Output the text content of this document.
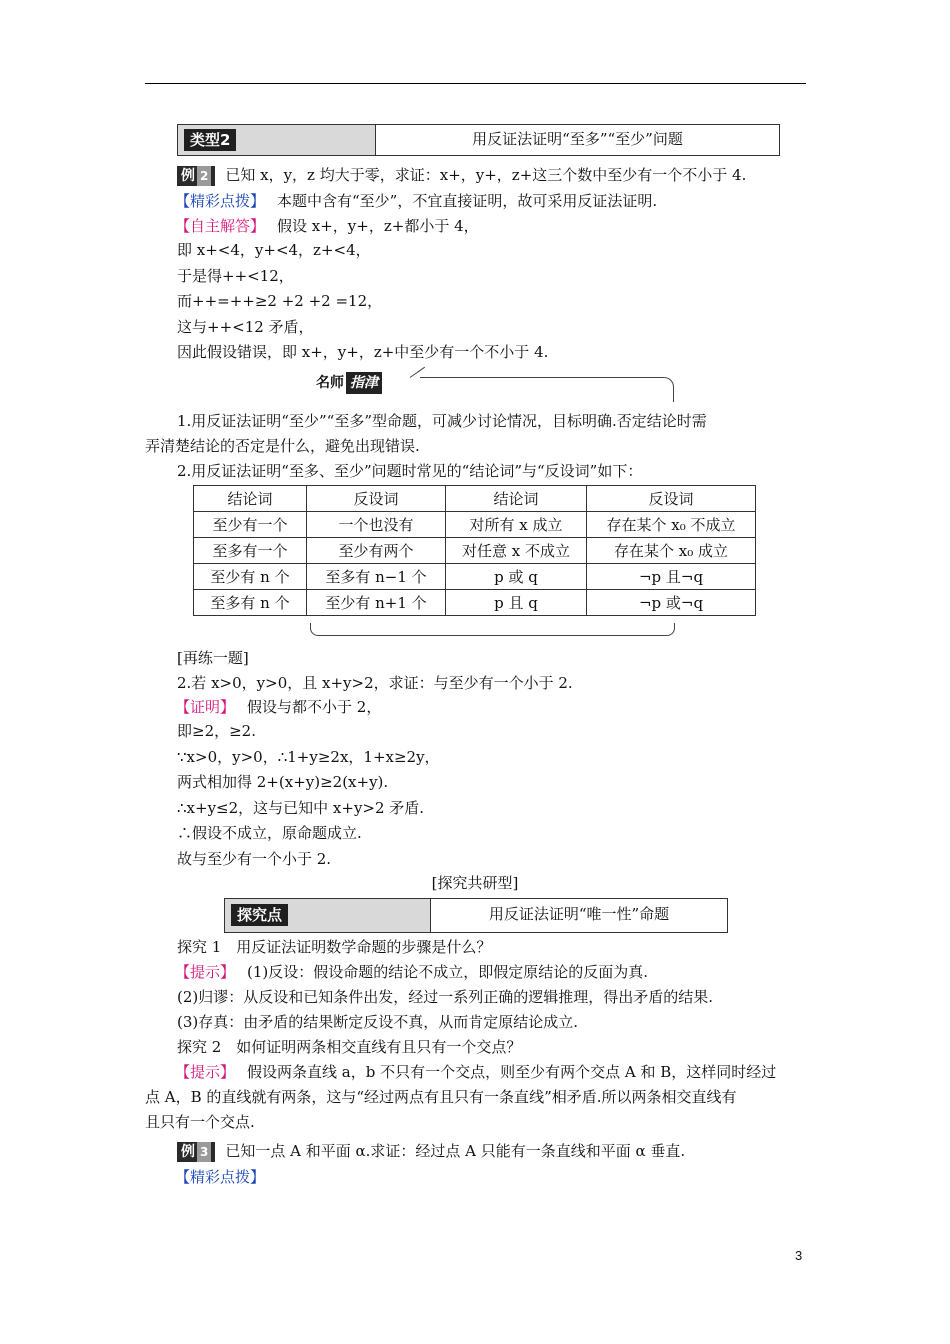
类型2	用反证法证明“至多”“至少”问题
例 2 已知 x，y，z 均大于零，求证：x+，y+，z+这三个数中至少有一个不小于 4.
【精彩点拨】 本题中含有“至少”，不宜直接证明，故可采用反证法证明.
【自主解答】 假设 x+，y+，z+都小于 4，
即 x+<4，y+<4，z+<4，
于是得++<12，
而++=++≥2 +2 +2 =12，
这与++<12 矛盾，
因此假设错误，即 x+，y+，z+中至少有一个不小于 4.
名师 指津
1.用反证法证明“至少”“至多”型命题，可减少讨论情况，目标明确.否定结论时需
弄清楚结论的否定是什么，避免出现错误.
2.用反证法证明“至多、至少”问题时常见的“结论词”与“反设词”如下：
结论词	反设词	结论词	反设词
至少有一个	一个也没有	对所有 x 成立	存在某个 x₀ 不成立
至多有一个	至少有两个	对任意 x 不成立	存在某个 x₀ 成立
至少有 n 个	至多有 n−1 个	p 或 q	¬p 且¬q
至多有 n 个	至少有 n+1 个	p 且 q	¬p 或¬q
[再练一题]
2.若 x>0，y>0，且 x+y>2，求证：与至少有一个小于 2.
【证明】 假设与都不小于 2，
即≥2，≥2.
∵x>0，y>0，∴1+y≥2x，1+x≥2y，
两式相加得 2+(x+y)≥2(x+y).
∴x+y≤2，这与已知中 x+y>2 矛盾.
∴假设不成立，原命题成立.
故与至少有一个小于 2.
[探究共研型]
探究点	用反证法证明“唯一性”命题
探究 1　用反证法证明数学命题的步骤是什么？
【提示】 (1)反设：假设命题的结论不成立，即假定原结论的反面为真.
(2)归谬：从反设和已知条件出发，经过一系列正确的逻辑推理，得出矛盾的结果.
(3)存真：由矛盾的结果断定反设不真，从而肯定原结论成立.
探究 2　如何证明两条相交直线有且只有一个交点？
【提示】 假设两条直线 a，b 不只有一个交点，则至少有两个交点 A 和 B，这样同时经过
点 A，B 的直线就有两条，这与“经过两点有且只有一条直线”相矛盾.所以两条相交直线有
且只有一个交点.
例 3 已知一点 A 和平面 α.求证：经过点 A 只能有一条直线和平面 α 垂直.
【精彩点拨】
3
